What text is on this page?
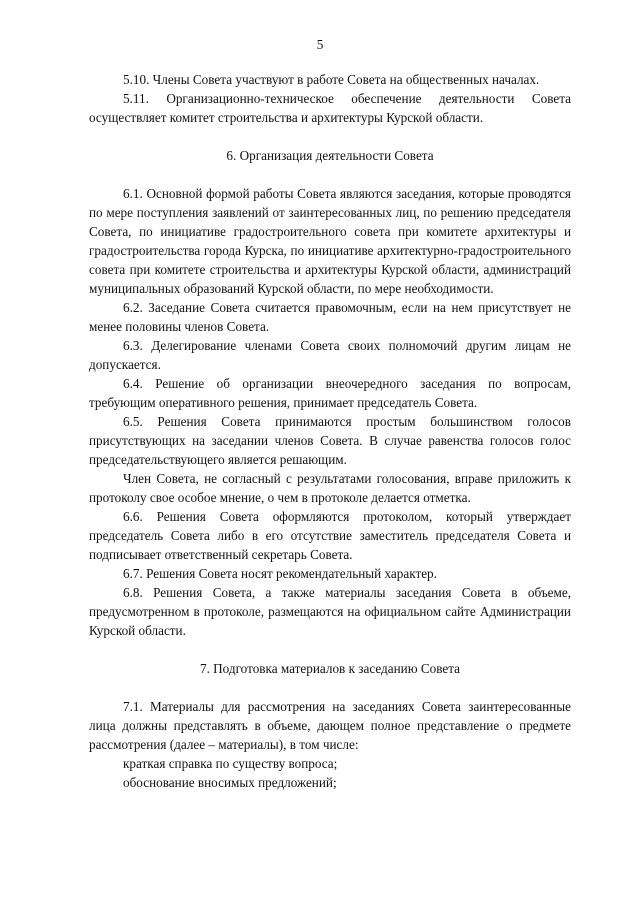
5

5.10. Члены Совета участвуют в работе Совета на общественных началах.

5.11. Организационно-техническое обеспечение деятельности Совета осуществляет комитет строительства и архитектуры Курской области.

6. Организация деятельности Совета

6.1. Основной формой работы Совета являются заседания, которые проводятся по мере поступления заявлений от заинтересованных лиц, по решению председателя Совета, по инициативе градостроительного совета при комитете архитектуры и градостроительства города Курска, по инициативе архитектурно-градостроительного совета при комитете строительства и архитектуры Курской области, администраций муниципальных образований Курской области, по мере необходимости.

6.2. Заседание Совета считается правомочным, если на нем присутствует не менее половины членов Совета.

6.3. Делегирование членами Совета своих полномочий другим лицам не допускается.

6.4. Решение об организации внеочередного заседания по вопросам, требующим оперативного решения, принимает председатель Совета.

6.5. Решения Совета принимаются простым большинством голосов присутствующих на заседании членов Совета. В случае равенства голосов голос председательствующего является решающим.

Член Совета, не согласный с результатами голосования, вправе приложить к протоколу свое особое мнение, о чем в протоколе делается отметка.

6.6. Решения Совета оформляются протоколом, который утверждает председатель Совета либо в его отсутствие заместитель председателя Совета и подписывает ответственный секретарь Совета.

6.7. Решения Совета носят рекомендательный характер.

6.8. Решения Совета, а также материалы заседания Совета в объеме, предусмотренном в протоколе, размещаются на официальном сайте Администрации Курской области.

7. Подготовка материалов к заседанию Совета

7.1. Материалы для рассмотрения на заседаниях Совета заинтересованные лица должны представлять в объеме, дающем полное представление о предмете рассмотрения (далее – материалы), в том числе:

краткая справка по существу вопроса;

обоснование вносимых предложений;
